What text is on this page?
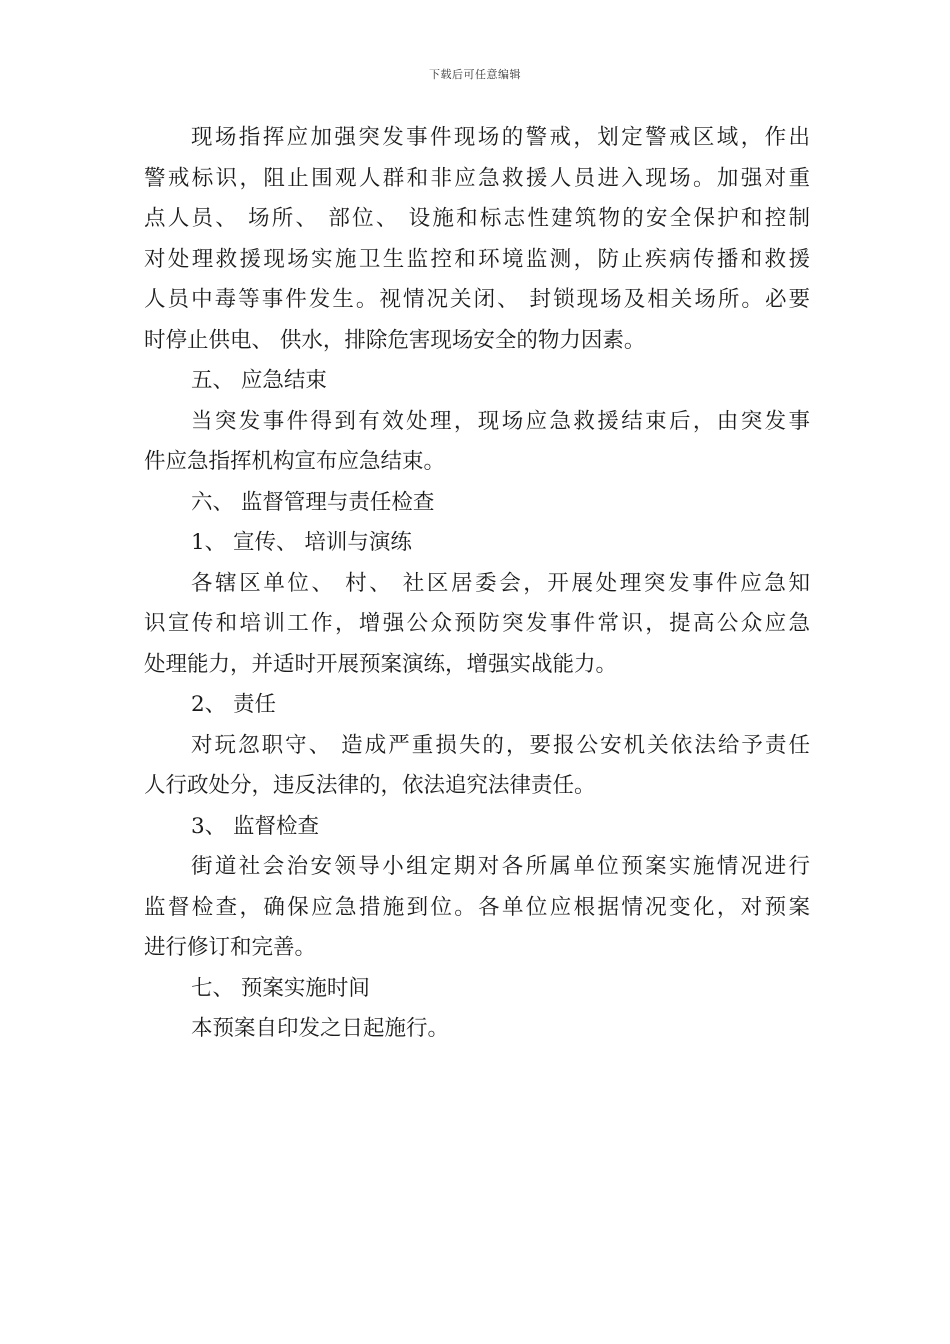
下载后可任意编辑
现场指挥应加强突发事件现场的警戒，划定警戒区域，作出
警戒标识，阻止围观人群和非应急救援人员进入现场。加强对重
点人员、 场所、 部位、 设施和标志性建筑物的安全保护和控制
对处理救援现场实施卫生监控和环境监测，防止疾病传播和救援
人员中毒等事件发生。视情况关闭、 封锁现场及相关场所。必要
时停止供电、 供水，排除危害现场安全的物力因素。
五、 应急结束
当突发事件得到有效处理，现场应急救援结束后，由突发事
件应急指挥机构宣布应急结束。
六、 监督管理与责任检查
1、 宣传、 培训与演练
各辖区单位、 村、 社区居委会，开展处理突发事件应急知
识宣传和培训工作，增强公众预防突发事件常识，提高公众应急
处理能力，并适时开展预案演练，增强实战能力。
2、 责任
对玩忽职守、 造成严重损失的，要报公安机关依法给予责任
人行政处分，违反法律的，依法追究法律责任。
3、 监督检查
街道社会治安领导小组定期对各所属单位预案实施情况进行
监督检查，确保应急措施到位。各单位应根据情况变化，对预案
进行修订和完善。
七、 预案实施时间
本预案自印发之日起施行。
